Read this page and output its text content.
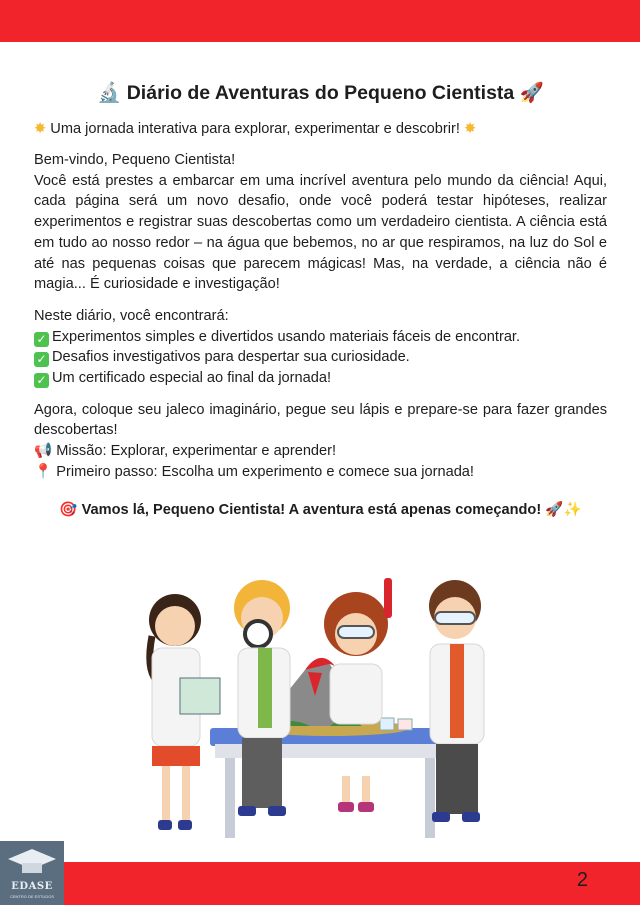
🔬 Diário de Aventuras do Pequeno Cientista 🚀
✸ Uma jornada interativa para explorar, experimentar e descobrir! ✸

Bem-vindo, Pequeno Cientista!
Você está prestes a embarcar em uma incrível aventura pelo mundo da ciência! Aqui, cada página será um novo desafio, onde você poderá testar hipóteses, realizar experimentos e registrar suas descobertas como um verdadeiro cientista. A ciência está em tudo ao nosso redor – na água que bebemos, no ar que respiramos, na luz do Sol e até nas pequenas coisas que parecem mágicas! Mas, na verdade, a ciência não é magia... É curiosidade e investigação!

Neste diário, você encontrará:
✓ Experimentos simples e divertidos usando materiais fáceis de encontrar.
✓ Desafios investigativos para despertar sua curiosidade.
✓ Um certificado especial ao final da jornada!

Agora, coloque seu jaleco imaginário, pegue seu lápis e prepare-se para fazer grandes descobertas!
📢 Missão: Explorar, experimentar e aprender!
📍 Primeiro passo: Escolha um experimento e comece sua jornada!

🎯 Vamos lá, Pequeno Cientista! A aventura está apenas começando! 🚀✨
EDASE
CENTRO DE ESTUDOS
2
